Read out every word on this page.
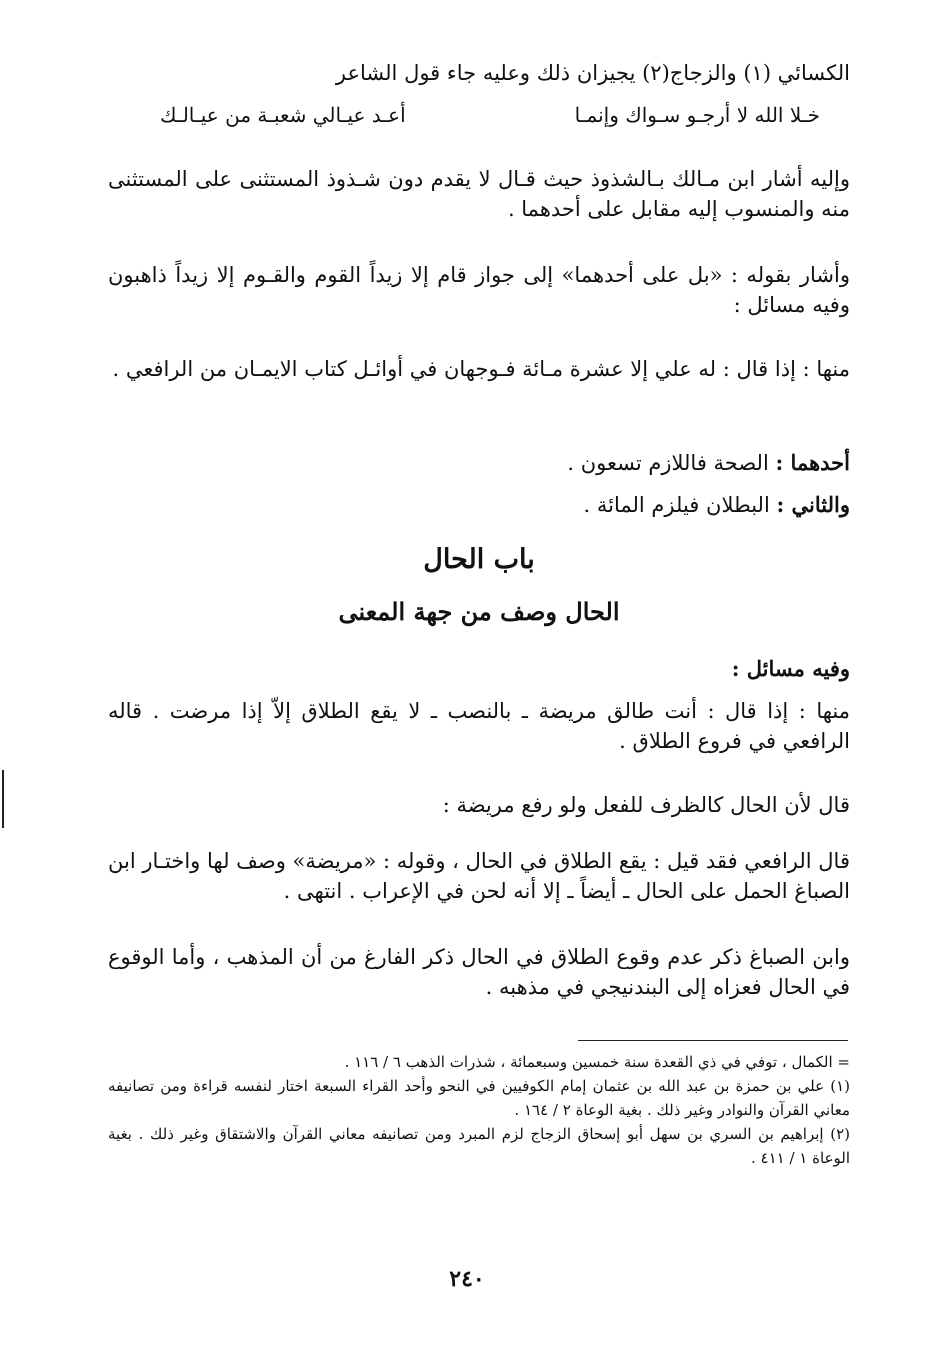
الكسائي (١) والزجاج(٢) يجيزان ذلك وعليه جاء قول الشاعر
خـلا الله لا أرجـو سـواك وإنمـا
أعـد عيـالي شعبـة من عيـالـك
وإليه أشار ابن مـالك بـالشذوذ حيث قـال لا يقدم دون شـذوذ المستثنى على المستثنى منه والمنسوب إليه مقابل على أحدهما .
وأشار بقوله : «بل على أحدهما» إلى جواز قام إلا زيداً القوم والقـوم إلا زيداً ذاهبون وفيه مسائل :
منها : إذا قال : له علي إلا عشرة مـائة فـوجهان في أوائـل كتاب الايمـان من الرافعي .
أحدهما : الصحة فاللازم تسعون .
والثاني : البطلان فيلزم المائة .
باب الحال
الحال وصف من جهة المعنى
وفيه مسائل :
منها : إذا قال : أنت طالق مريضة ـ بالنصب ـ لا يقع الطلاق إلاّ إذا مرضت . قاله الرافعي في فروع الطلاق .
قال لأن الحال كالظرف للفعل ولو رفع مريضة :
قال الرافعي فقد قيل : يقع الطلاق في الحال ، وقوله : «مريضة» وصف لها واختـار ابن الصباغ الحمل على الحال ـ أيضاً ـ إلا أنه لحن في الإعراب . انتهى .
وابن الصباغ ذكر عدم وقوع الطلاق في الحال ذكر الفارغ من أن المذهب ، وأما الوقوع في الحال فعزاه إلى البندنيجي في مذهبه .
= الكمال ، توفي في ذي القعدة سنة خمسين وسبعمائة ، شذرات الذهب ٦ / ١١٦ .
(١) علي بن حمزة بن عبد الله بن عثمان إمام الكوفيين في النحو وأحد القراء السبعة اختار لنفسه قراءة ومن تصانيفه معاني القرآن والنوادر وغير ذلك . بغية الوعاة ٢ / ١٦٤ .
(٢) إبراهيم بن السري بن سهل أبو إسحاق الزجاج لزم المبرد ومن تصانيفه معاني القرآن والاشتقاق وغير ذلك . بغية الوعاة ١ / ٤١١ .
٢٤٠
